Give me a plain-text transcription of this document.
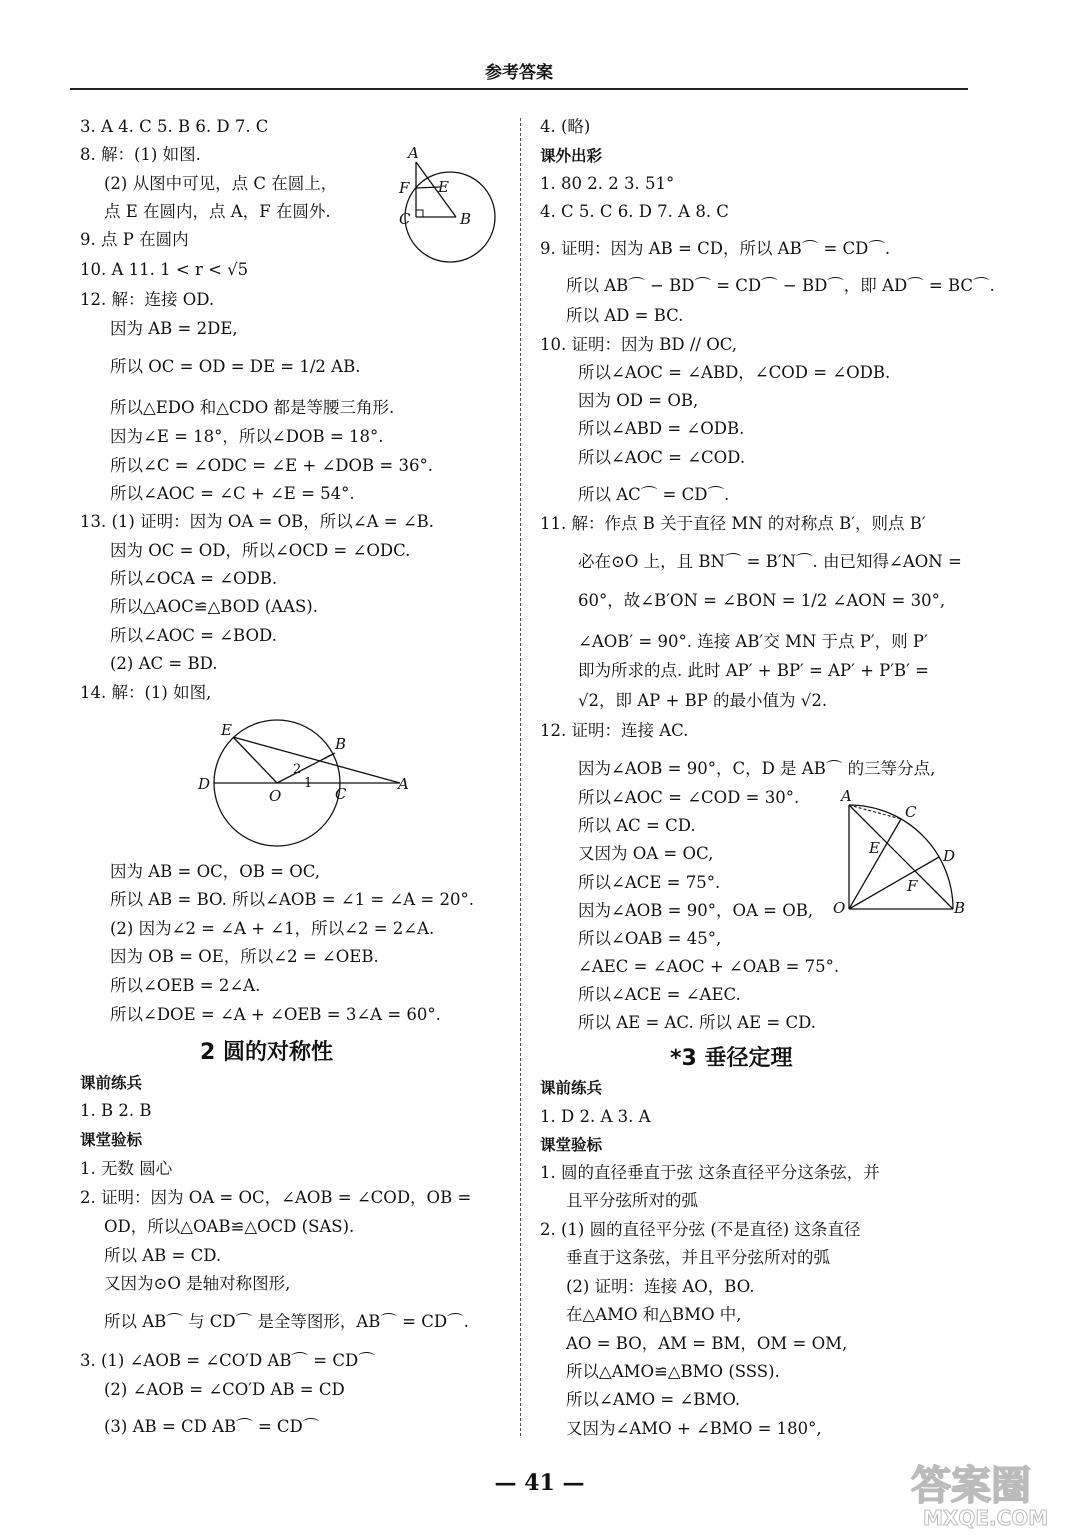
参考答案
3. A 4. C 5. B 6. D 7. C
8. 解：(1) 如图.
(2) 从图中可见，点 C 在圆上，
点 E 在圆内，点 A，F 在圆外.
9. 点 P 在圆内
10. A 11. 1 < r < √5
12. 解：连接 OD.
因为 AB = 2DE,
所以 OC = OD = DE = 1/2 AB.
所以△EDO 和△CDO 都是等腰三角形.
因为∠E = 18°，所以∠DOB = 18°.
所以∠C = ∠ODC = ∠E + ∠DOB = 36°.
所以∠AOC = ∠C + ∠E = 54°.
13. (1) 证明：因为 OA = OB，所以∠A = ∠B.
因为 OC = OD，所以∠OCD = ∠ODC.
所以∠OCA = ∠ODB.
所以△AOC≌△BOD (AAS).
所以∠AOC = ∠BOD.
(2) AC = BD.
14. 解：(1) 如图,
因为 AB = OC，OB = OC,
所以 AB = BO. 所以∠AOB = ∠1 = ∠A = 20°.
(2) 因为∠2 = ∠A + ∠1，所以∠2 = 2∠A.
因为 OB = OE，所以∠2 = ∠OEB.
所以∠OEB = 2∠A.
所以∠DOE = ∠A + ∠OEB = 3∠A = 60°.
2 圆的对称性
课前练兵
1. B 2. B
课堂验标
1. 无数 圆心
2. 证明：因为 OA = OC，∠AOB = ∠COD，OB =
OD，所以△OAB≌△OCD (SAS).
所以 AB = CD.
又因为⊙O 是轴对称图形,
所以 AB⌒ 与 CD⌒ 是全等图形，AB⌒ = CD⌒.
3. (1) ∠AOB = ∠CO′D AB⌒ = CD⌒
(2) ∠AOB = ∠CO′D AB = CD
(3) AB = CD AB⌒ = CD⌒
A
E
F
C	B
E
B
D
O	C
A
1
2
4. (略)
课外出彩
1. 80 2. 2 3. 51°
4. C 5. C 6. D 7. A 8. C
9. 证明：因为 AB = CD，所以 AB⌒ = CD⌒.
所以 AB⌒ − BD⌒ = CD⌒ − BD⌒，即 AD⌒ = BC⌒.
所以 AD = BC.
10. 证明：因为 BD // OC,
所以∠AOC = ∠ABD，∠COD = ∠ODB.
因为 OD = OB,
所以∠ABD = ∠ODB.
所以∠AOC = ∠COD.
所以 AC⌒ = CD⌒.
11. 解：作点 B 关于直径 MN 的对称点 B′，则点 B′
必在⊙O 上，且 BN⌒ = B′N⌒. 由已知得∠AON =
60°，故∠B′ON = ∠BON = 1/2 ∠AON = 30°,
∠AOB′ = 90°. 连接 AB′交 MN 于点 P′，则 P′
即为所求的点. 此时 AP′ + BP′ = AP′ + P′B′ =
√2，即 AP + BP 的最小值为 √2.
12. 证明：连接 AC.
因为∠AOB = 90°，C，D 是 AB⌒ 的三等分点,
所以∠AOC = ∠COD = 30°.
所以 AC = CD.
又因为 OA = OC,
所以∠ACE = 75°.
因为∠AOB = 90°，OA = OB,
所以∠OAB = 45°,
∠AEC = ∠AOC + ∠OAB = 75°.
所以∠ACE = ∠AEC.
所以 AE = AC. 所以 AE = CD.
*3 垂径定理
课前练兵
1. D 2. A 3. A
课堂验标
1. 圆的直径垂直于弦 这条直径平分这条弦，并
且平分弦所对的弧
2. (1) 圆的直径平分弦 (不是直径) 这条直径
垂直于这条弦，并且平分弦所对的弧
(2) 证明：连接 AO，BO.
在△AMO 和△BMO 中,
AO = BO，AM = BM，OM = OM,
所以△AMO≌△BMO (SSS).
所以∠AMO = ∠BMO.
又因为∠AMO + ∠BMO = 180°,
A
C
E	D
F
O	B
— 41 —	答案圈
MXQE.COM
